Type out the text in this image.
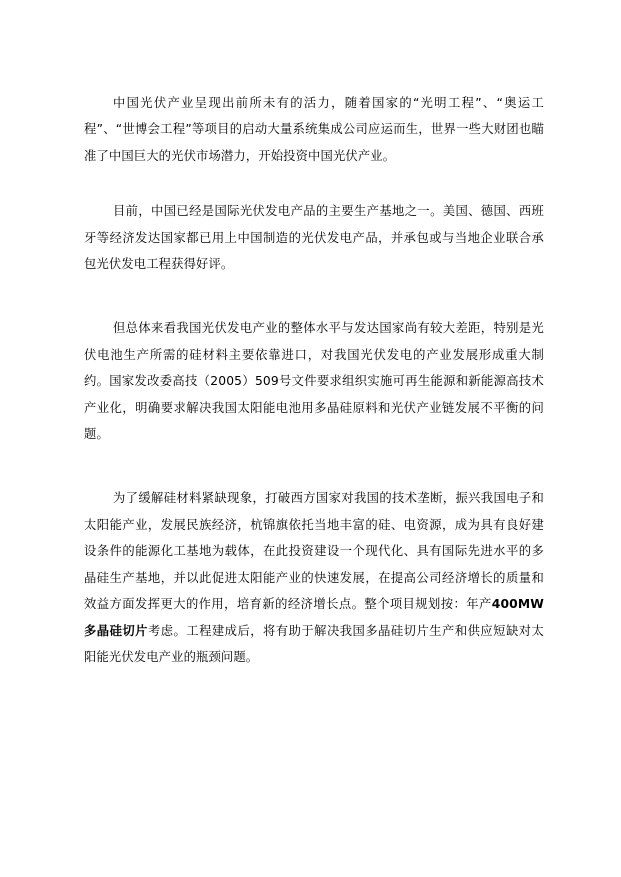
中国光伏产业呈现出前所未有的活力，随着国家的“光明工程”、“奥运工程”、“世博会工程”等项目的启动大量系统集成公司应运而生，世界一些大财团也瞄准了中国巨大的光伏市场潜力，开始投资中国光伏产业。

目前，中国已经是国际光伏发电产品的主要生产基地之一。美国、德国、西班牙等经济发达国家都已用上中国制造的光伏发电产品，并承包或与当地企业联合承包光伏发电工程获得好评。

但总体来看我国光伏发电产业的整体水平与发达国家尚有较大差距，特别是光伏电池生产所需的硅材料主要依靠进口，对我国光伏发电的产业发展形成重大制约。国家发改委高技（2005）509号文件要求组织实施可再生能源和新能源高技术产业化，明确要求解决我国太阳能电池用多晶硅原料和光伏产业链发展不平衡的问题。

为了缓解硅材料紧缺现象，打破西方国家对我国的技术垄断，振兴我国电子和太阳能产业，发展民族经济，杭锦旗依托当地丰富的硅、电资源，成为具有良好建设条件的能源化工基地为载体，在此投资建设一个现代化、具有国际先进水平的多晶硅生产基地，并以此促进太阳能产业的快速发展，在提高公司经济增长的质量和效益方面发挥更大的作用，培育新的经济增长点。整个项目规划按：年产400MW多晶硅切片考虑。工程建成后，将有助于解决我国多晶硅切片生产和供应短缺对太阳能光伏发电产业的瓶颈问题。
